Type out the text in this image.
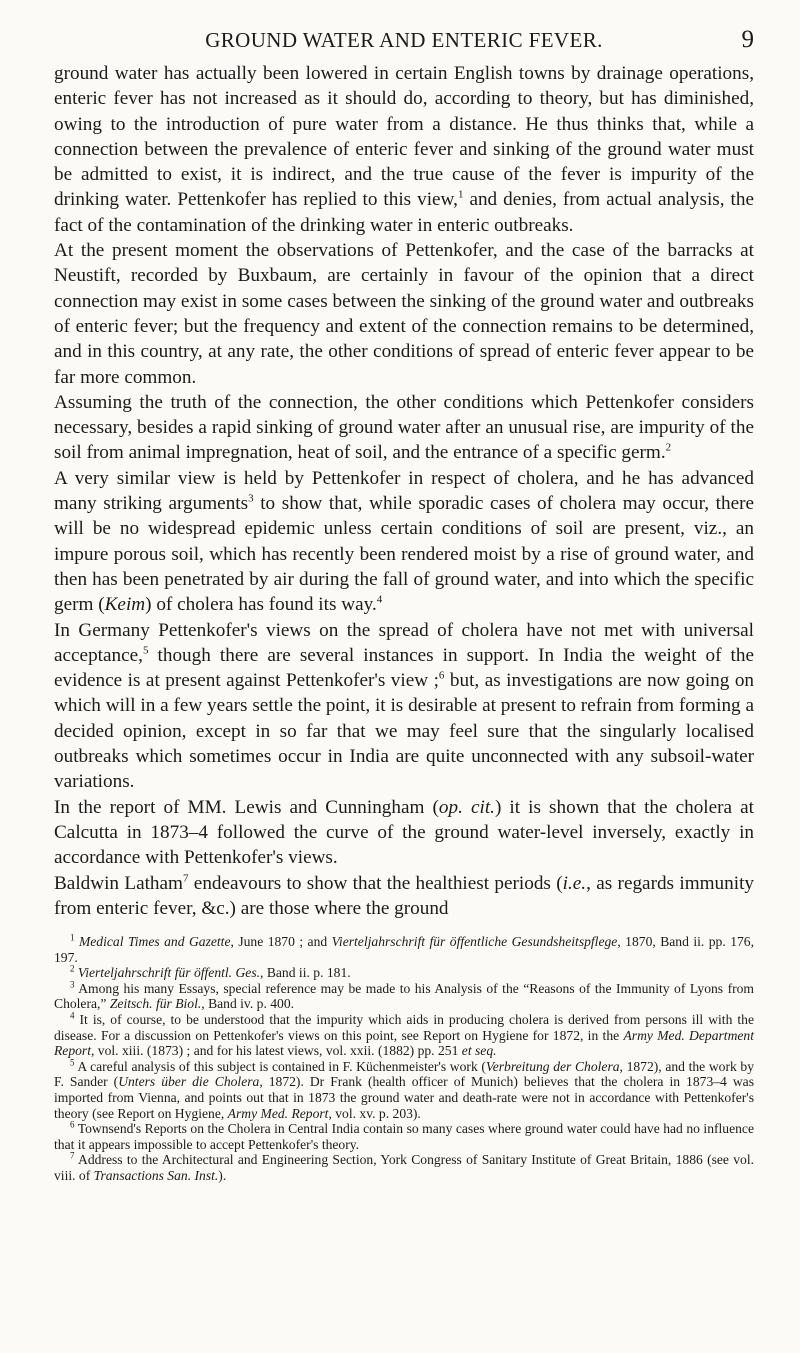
GROUND WATER AND ENTERIC FEVER.	9

ground water has actually been lowered in certain English towns by drainage operations, enteric fever has not increased as it should do, according to theory, but has diminished, owing to the introduction of pure water from a distance. He thus thinks that, while a connection between the prevalence of enteric fever and sinking of the ground water must be admitted to exist, it is indirect, and the true cause of the fever is impurity of the drinking water. Pettenkofer has replied to this view,$^1$ and denies, from actual analysis, the fact of the contamination of the drinking water in enteric outbreaks.

At the present moment the observations of Pettenkofer, and the case of the barracks at Neustift, recorded by Buxbaum, are certainly in favour of the opinion that a direct connection may exist in some cases between the sinking of the ground water and outbreaks of enteric fever; but the frequency and extent of the connection remains to be determined, and in this country, at any rate, the other conditions of spread of enteric fever appear to be far more common.

Assuming the truth of the connection, the other conditions which Pettenkofer considers necessary, besides a rapid sinking of ground water after an unusual rise, are impurity of the soil from animal impregnation, heat of soil, and the entrance of a specific germ.$^2$

A very similar view is held by Pettenkofer in respect of cholera, and he has advanced many striking arguments$^3$ to show that, while sporadic cases of cholera may occur, there will be no widespread epidemic unless certain conditions of soil are present, viz., an impure porous soil, which has recently been rendered moist by a rise of ground water, and then has been penetrated by air during the fall of ground water, and into which the specific germ (Keim) of cholera has found its way.$^4$

In Germany Pettenkofer's views on the spread of cholera have not met with universal acceptance,$^5$ though there are several instances in support. In India the weight of the evidence is at present against Pettenkofer's view ;$^6$ but, as investigations are now going on which will in a few years settle the point, it is desirable at present to refrain from forming a decided opinion, except in so far that we may feel sure that the singularly localised outbreaks which sometimes occur in India are quite unconnected with any subsoil-water variations.

In the report of MM. Lewis and Cunningham (op. cit.) it is shown that the cholera at Calcutta in 1873–4 followed the curve of the ground water-level inversely, exactly in accordance with Pettenkofer's views.

Baldwin Latham$^7$ endeavours to show that the healthiest periods (i.e., as regards immunity from enteric fever, &c.) are those where the ground

$^1$ Medical Times and Gazette, June 1870 ; and Vierteljahrschrift für öffentliche Gesundsheitspflege, 1870, Band ii. pp. 176, 197.

$^2$ Vierteljahrschrift für öffentl. Ges., Band ii. p. 181.

$^3$ Among his many Essays, special reference may be made to his Analysis of the “Reasons of the Immunity of Lyons from Cholera,” Zeitsch. für Biol., Band iv. p. 400.

$^4$ It is, of course, to be understood that the impurity which aids in producing cholera is derived from persons ill with the disease. For a discussion on Pettenkofer's views on this point, see Report on Hygiene for 1872, in the Army Med. Department Report, vol. xiii. (1873) ; and for his latest views, vol. xxii. (1882) pp. 251 et seq.

$^5$ A careful analysis of this subject is contained in F. Küchenmeister's work (Verbreitung der Cholera, 1872), and the work by F. Sander (Unters über die Cholera, 1872). Dr Frank (health officer of Munich) believes that the cholera in 1873–4 was imported from Vienna, and points out that in 1873 the ground water and death-rate were not in accordance with Pettenkofer's theory (see Report on Hygiene, Army Med. Report, vol. xv. p. 203).

$^6$ Townsend's Reports on the Cholera in Central India contain so many cases where ground water could have had no influence that it appears impossible to accept Pettenkofer's theory.

$^7$ Address to the Architectural and Engineering Section, York Congress of Sanitary Institute of Great Britain, 1886 (see vol. viii. of Transactions San. Inst.).
